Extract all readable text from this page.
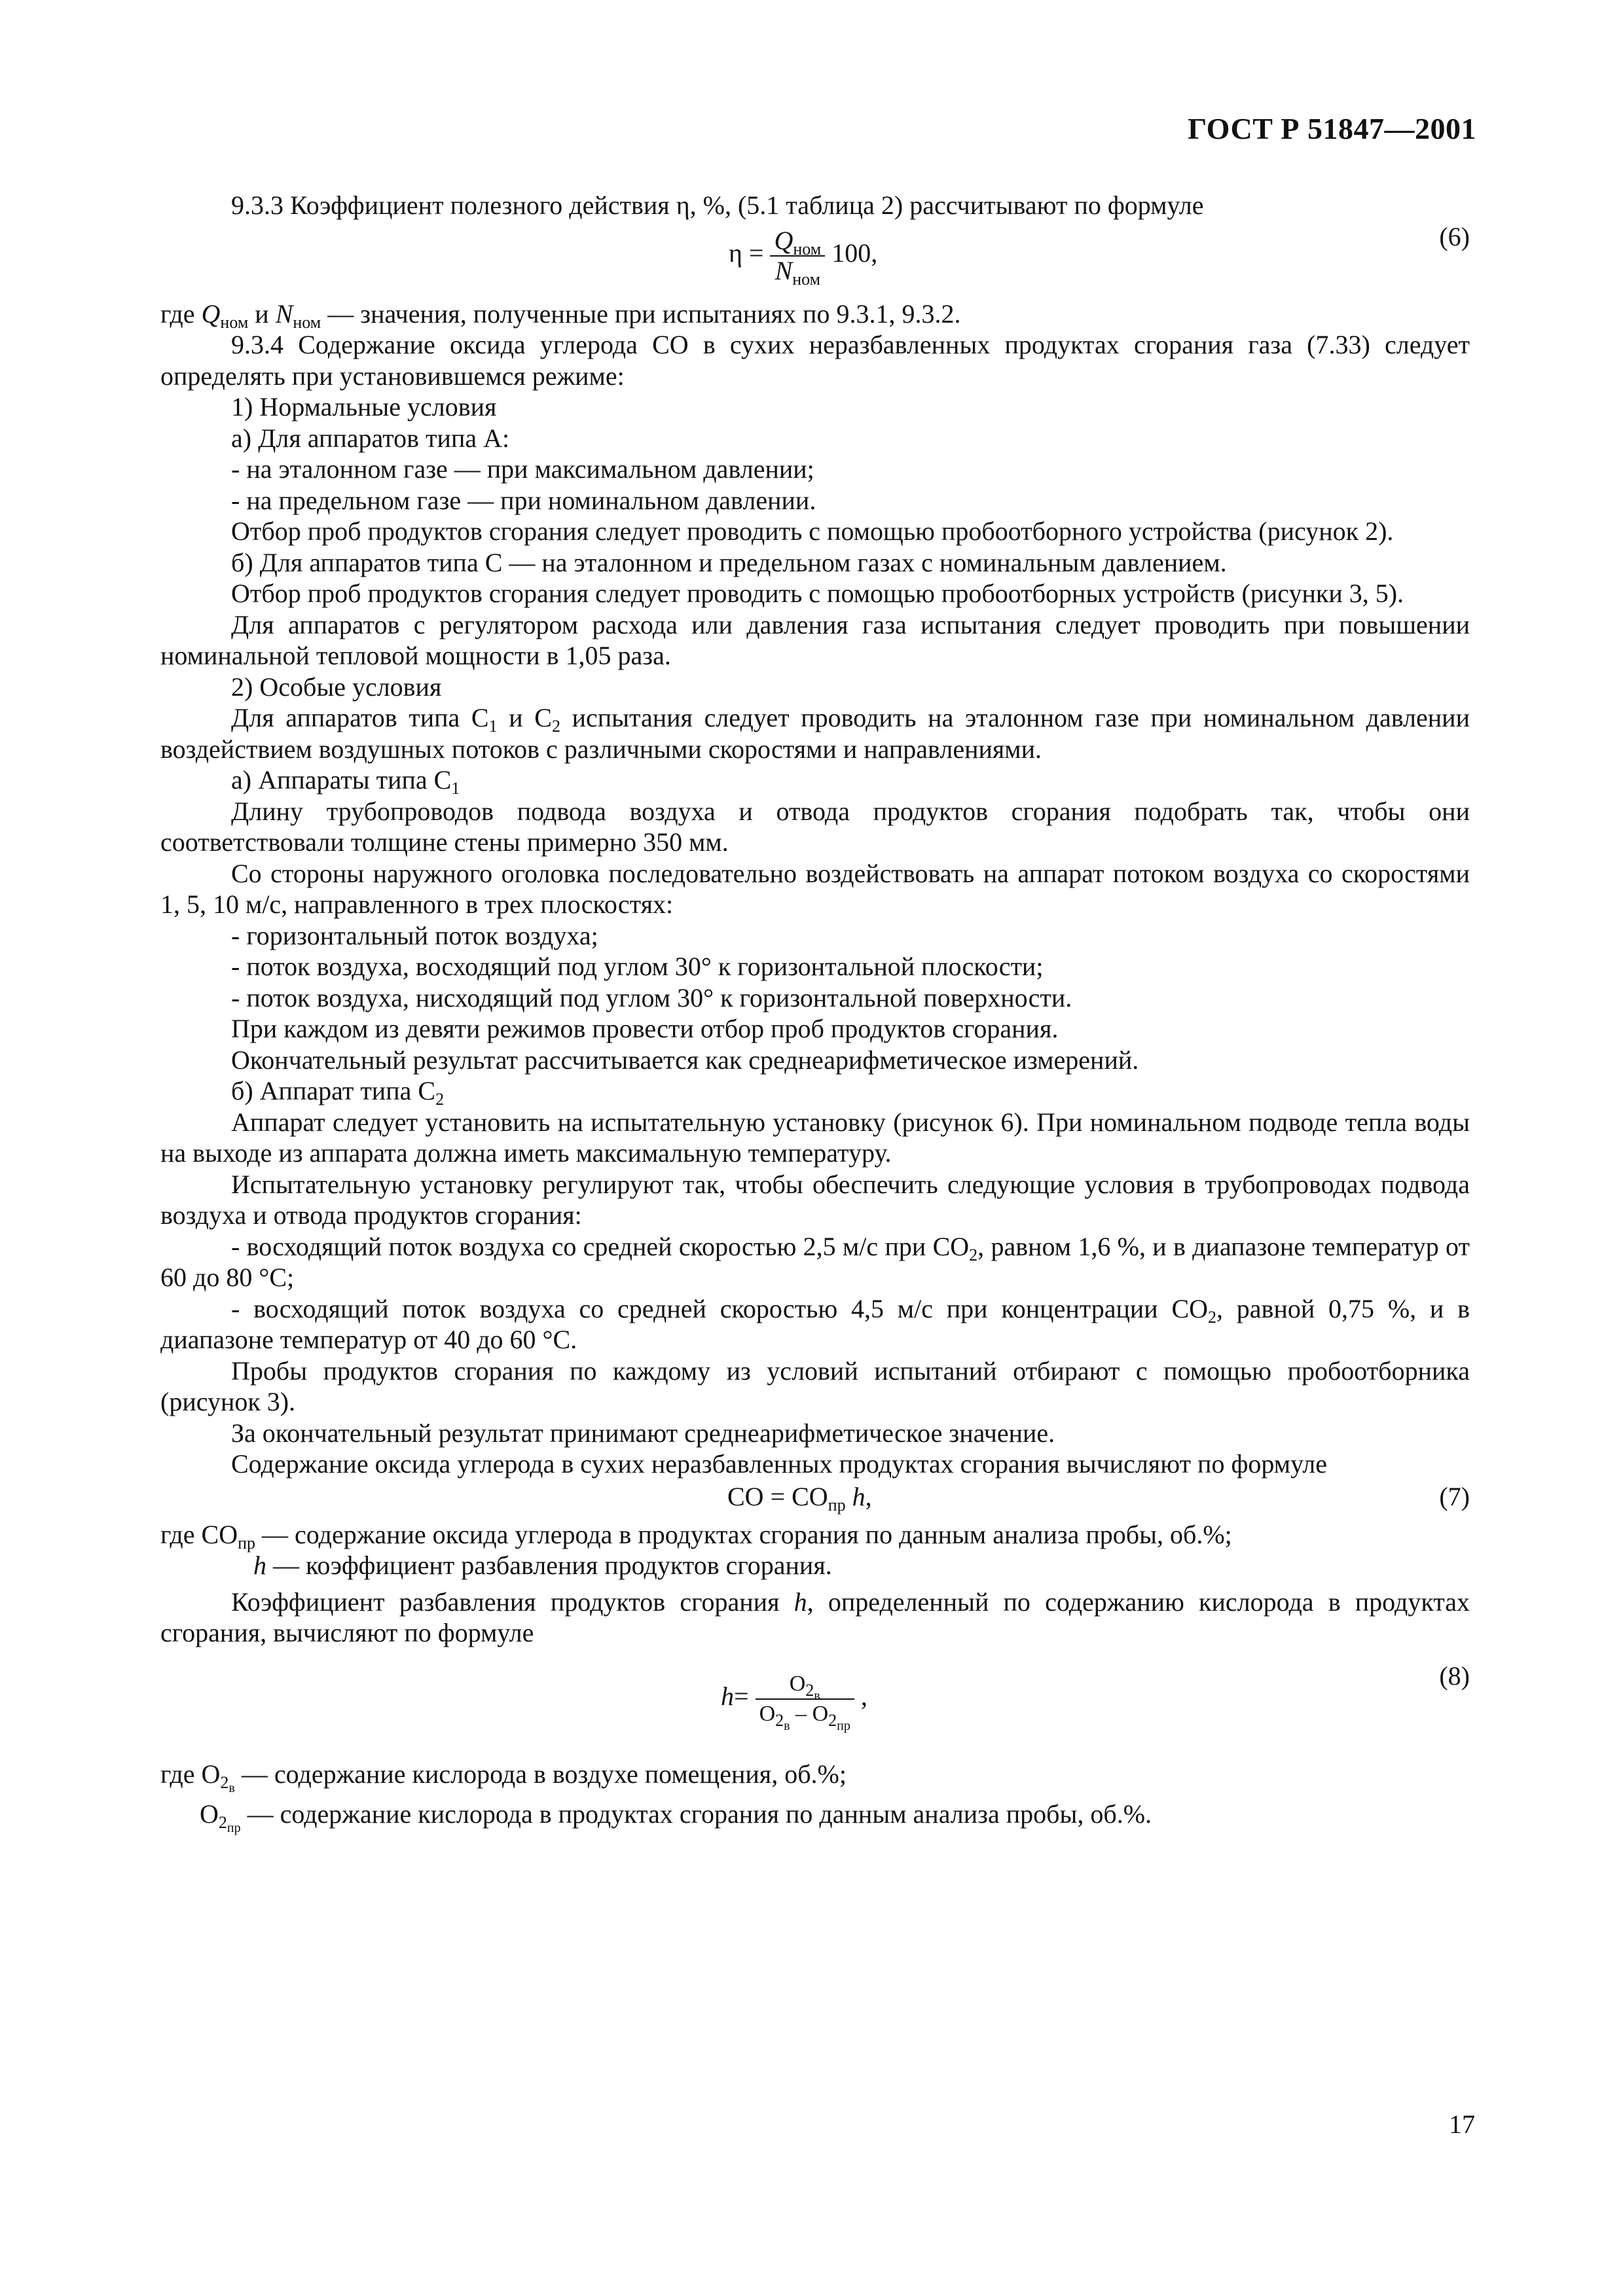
ГОСТ Р 51847—2001

9.3.3 Коэффициент полезного действия η, %, (5.1 таблица 2) рассчитывают по формуле

$\eta = \frac{Q_{ном}}{N_{ном}} 100$,
(6)

где $Q_{ном}$ и $N_{ном}$ — значения, полученные при испытаниях по 9.3.1, 9.3.2.

9.3.4 Содержание оксида углерода СО в сухих неразбавленных продуктах сгорания газа (7.33) следует определять при установившемся режиме:

1) Нормальные условия

а) Для аппаратов типа А:

- на эталонном газе — при максимальном давлении;

- на предельном газе — при номинальном давлении.

Отбор проб продуктов сгорания следует проводить с помощью пробоотборного устройства (рисунок 2).

б) Для аппаратов типа С — на эталонном и предельном газах с номинальным давлением.

Отбор проб продуктов сгорания следует проводить с помощью пробоотборных устройств (рисунки 3, 5).

Для аппаратов с регулятором расхода или давления газа испытания следует проводить при повышении номинальной тепловой мощности в 1,05 раза.

2) Особые условия

Для аппаратов типа $С_1$ и $С_2$ испытания следует проводить на эталонном газе при номинальном давлении воздействием воздушных потоков с различными скоростями и направлениями.

а) Аппараты типа $С_1$

Длину трубопроводов подвода воздуха и отвода продуктов сгорания подобрать так, чтобы они соответствовали толщине стены примерно 350 мм.

Со стороны наружного оголовка последовательно воздействовать на аппарат потоком воздуха со скоростями 1, 5, 10 м/с, направленного в трех плоскостях:

- горизонтальный поток воздуха;

- поток воздуха, восходящий под углом 30° к горизонтальной плоскости;

- поток воздуха, нисходящий под углом 30° к горизонтальной поверхности.

При каждом из девяти режимов провести отбор проб продуктов сгорания.

Окончательный результат рассчитывается как среднеарифметическое измерений.

б) Аппарат типа $С_2$

Аппарат следует установить на испытательную установку (рисунок 6). При номинальном подводе тепла воды на выходе из аппарата должна иметь максимальную температуру.

Испытательную установку регулируют так, чтобы обеспечить следующие условия в трубопроводах подвода воздуха и отвода продуктов сгорания:

- восходящий поток воздуха со средней скоростью 2,5 м/с при $СО_2$, равном 1,6 %, и в диапазоне температур от 60 до 80 °С;

- восходящий поток воздуха со средней скоростью 4,5 м/с при концентрации $СО_2$, равной 0,75 %, и в диапазоне температур от 40 до 60 °С.

Пробы продуктов сгорания по каждому из условий испытаний отбирают с помощью пробоотборника (рисунок 3).

За окончательный результат принимают среднеарифметическое значение.

Содержание оксида углерода в сухих неразбавленных продуктах сгорания вычисляют по формуле

СО = $СО_{пр}$ h,	(7)

где $СО_{пр}$ — содержание оксида углерода в продуктах сгорания по данным анализа пробы, об.%;

h — коэффициент разбавления продуктов сгорания.

Коэффициент разбавления продуктов сгорания h, определенный по содержанию кислорода в продуктах сгорания, вычисляют по формуле

$h= \frac{О_{2_в}}{О_{2_в} - О_{2_{пр}}}$ ,
(8)

где $О_{2_в}$ — содержание кислорода в воздухе помещения, об.%;

$О_{2_{пр}}$ — содержание кислорода в продуктах сгорания по данным анализа пробы, об.%.

17
